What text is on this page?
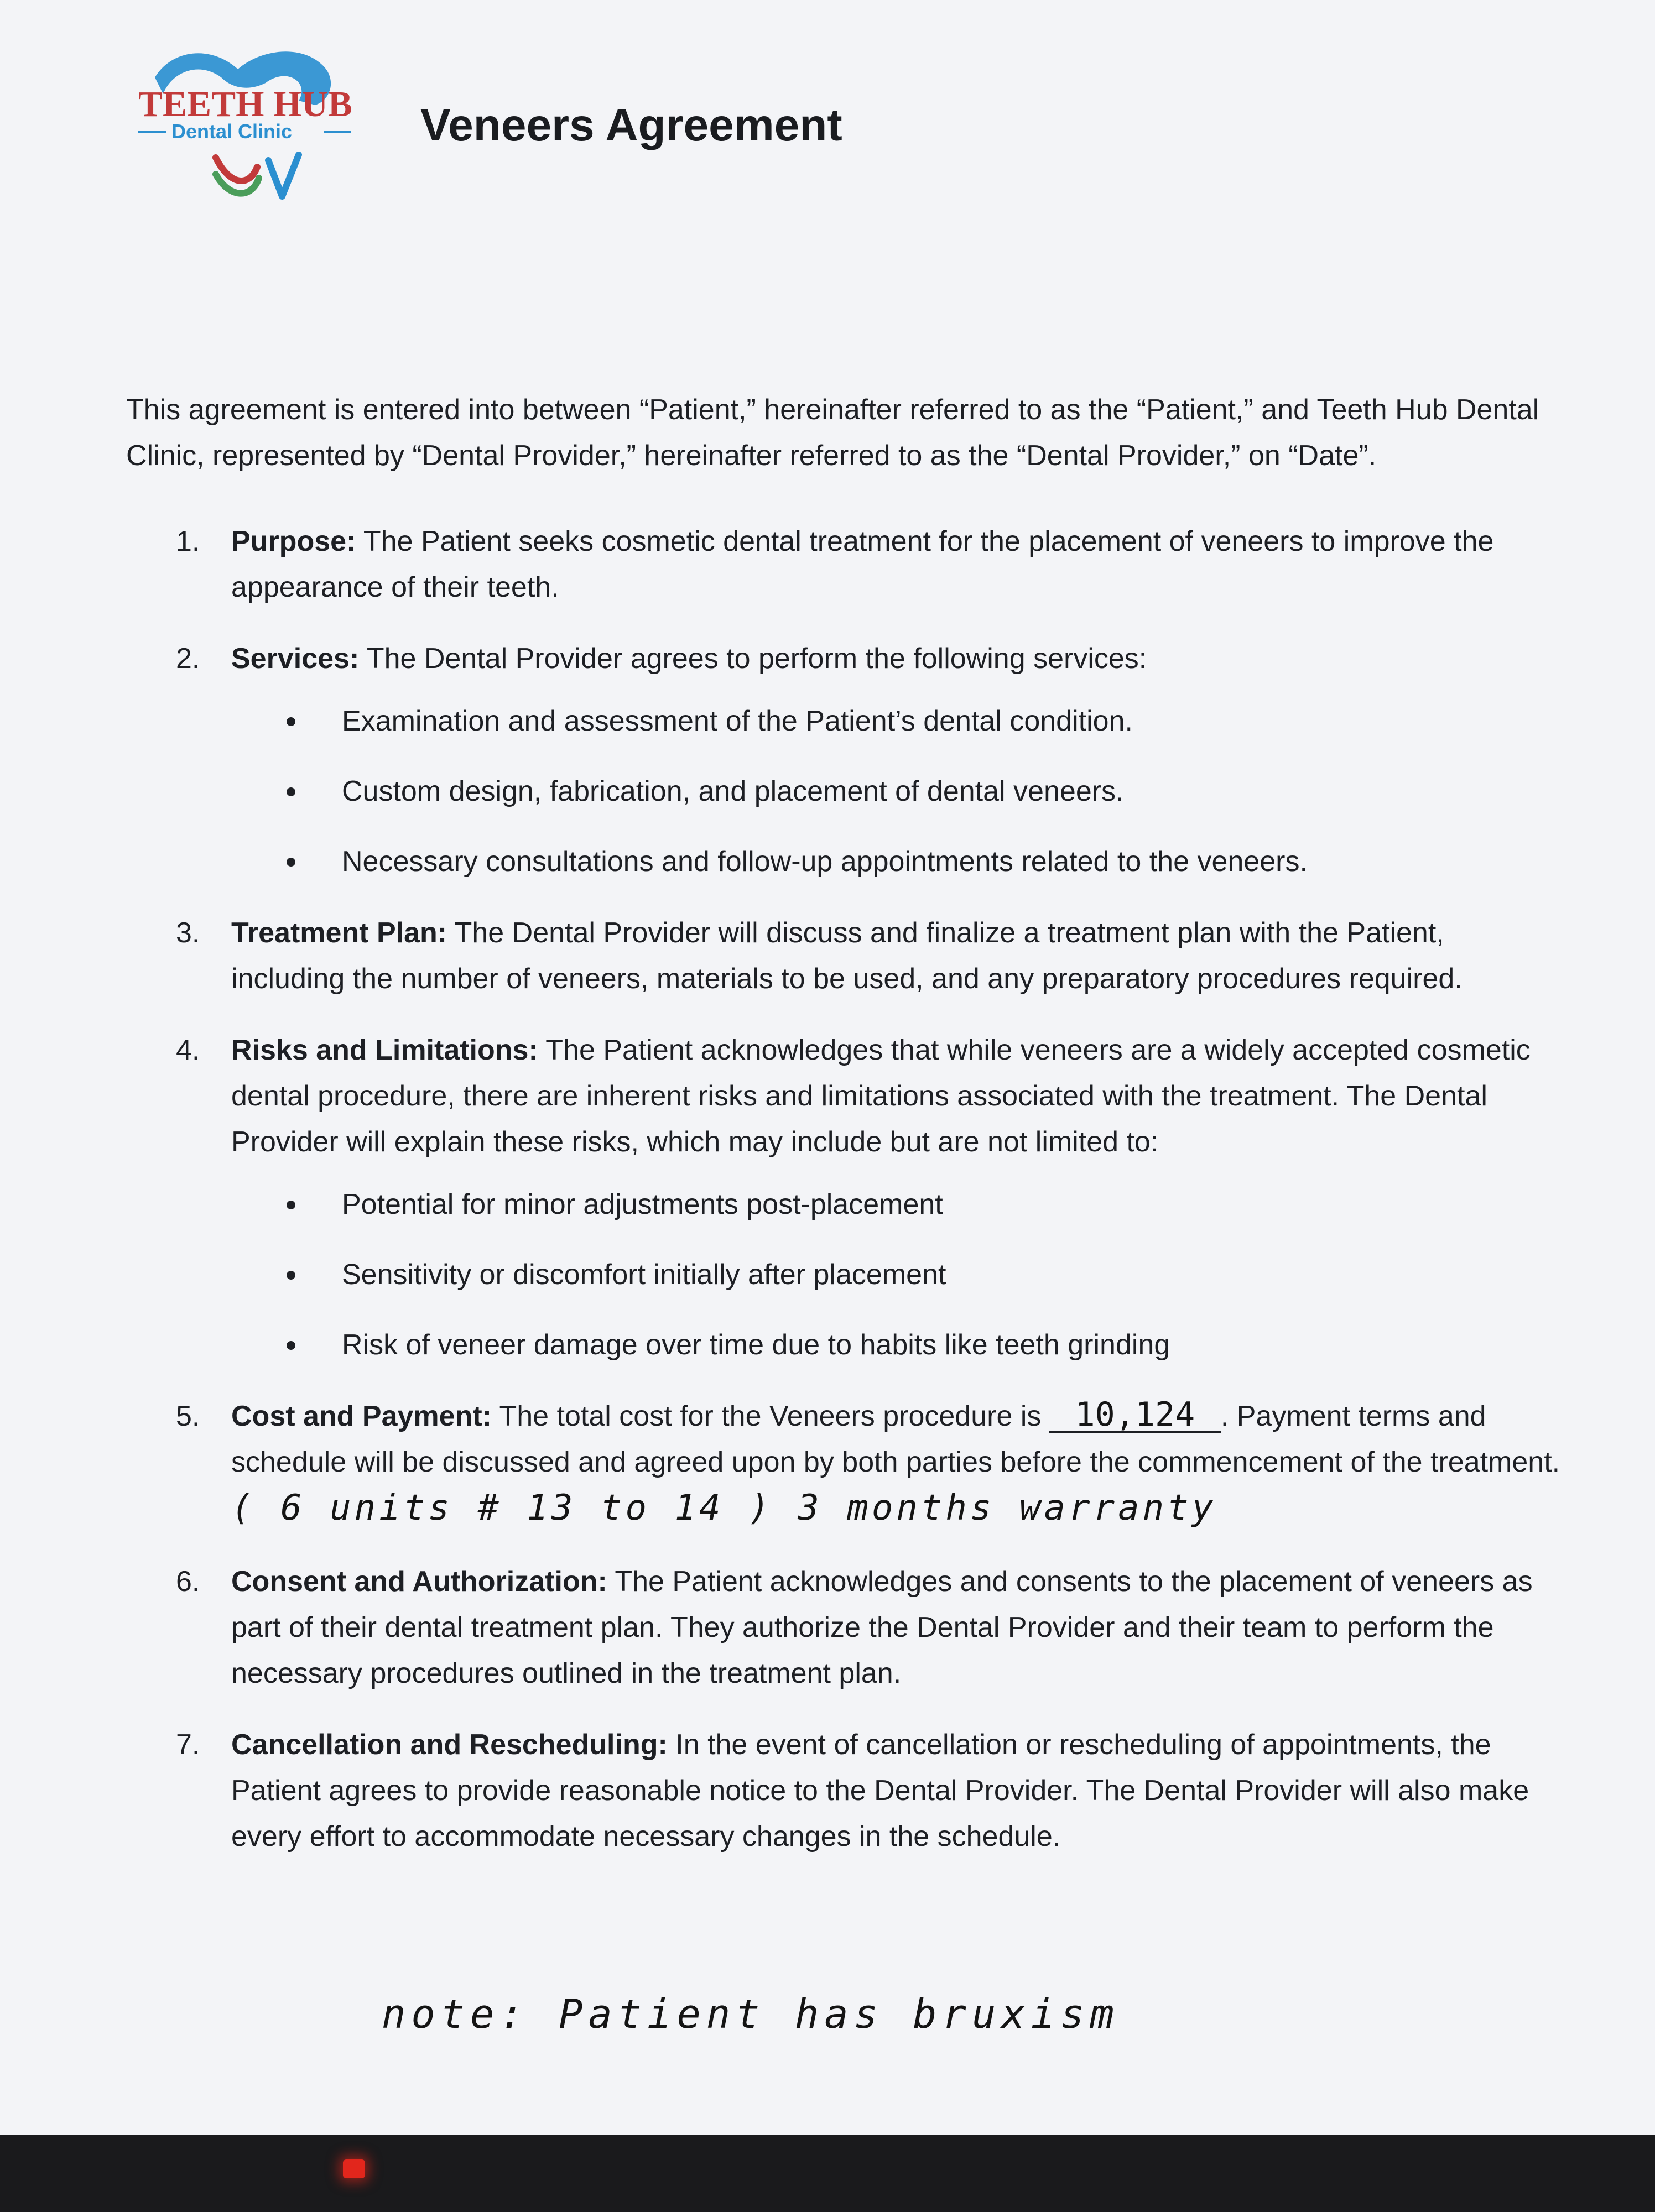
TEETH HUB
Dental Clinic	Veneers Agreement

This agreement is entered into between “Patient,” hereinafter referred to as the “Patient,” and Teeth Hub Dental Clinic, represented by “Dental Provider,” hereinafter referred to as the “Dental Provider,” on “Date”.

1. Purpose: The Patient seeks cosmetic dental treatment for the placement of veneers to improve the appearance of their teeth.
2. Services: The Dental Provider agrees to perform the following services:
Examination and assessment of the Patient’s dental condition.
Custom design, fabrication, and placement of dental veneers.
Necessary consultations and follow-up appointments related to the veneers.
3. Treatment Plan: The Dental Provider will discuss and finalize a treatment plan with the Patient, including the number of veneers, materials to be used, and any preparatory procedures required.
4. Risks and Limitations: The Patient acknowledges that while veneers are a widely accepted cosmetic dental procedure, there are inherent risks and limitations associated with the treatment. The Dental Provider will explain these risks, which may include but are not limited to:
Potential for minor adjustments post-placement
Sensitivity or discomfort initially after placement
Risk of veneer damage over time due to habits like teeth grinding
5. Cost and Payment: The total cost for the Veneers procedure is 10,124 . Payment terms and schedule will be discussed and agreed upon by both parties before the commencement of the treatment. ( 6 units # 13 to 14 ) 3 months warranty
6. Consent and Authorization: The Patient acknowledges and consents to the placement of veneers as part of their dental treatment plan. They authorize the Dental Provider and their team to perform the necessary procedures outlined in the treatment plan.
7. Cancellation and Rescheduling: In the event of cancellation or rescheduling of appointments, the Patient agrees to provide reasonable notice to the Dental Provider. The Dental Provider will also make every effort to accommodate necessary changes in the schedule.
note: Patient has bruxism
